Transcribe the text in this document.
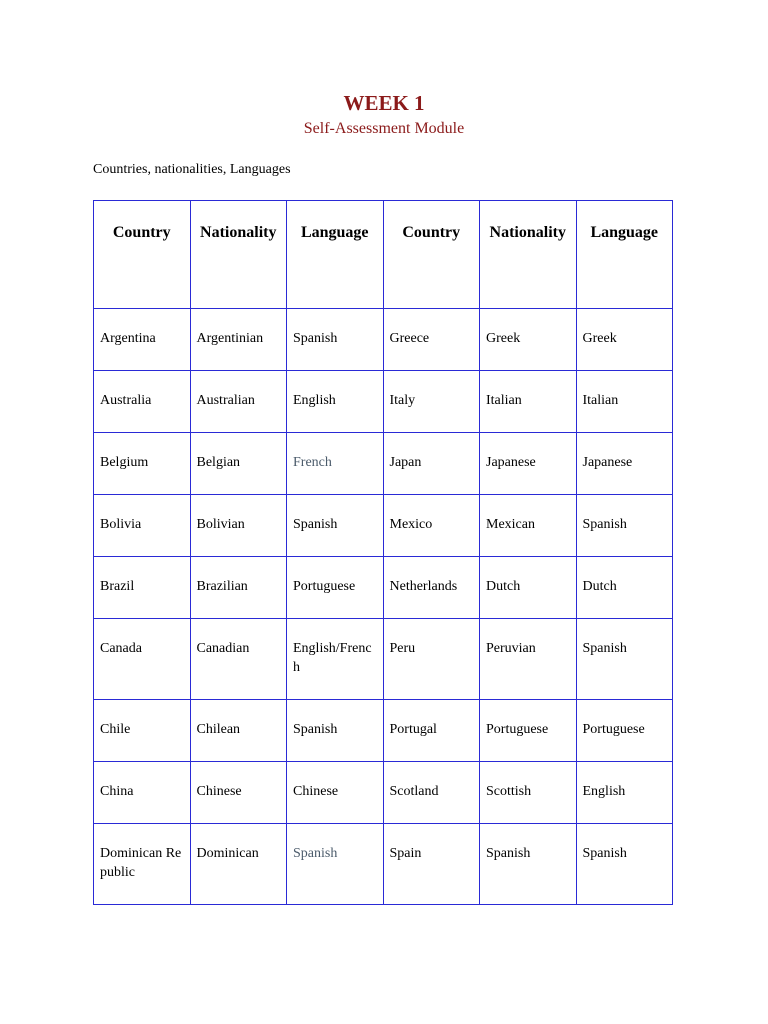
WEEK 1
Self-Assessment Module
Countries, nationalities, Languages
Country	Nationality	Language	Country	Nationality	Language
Argentina	Argentinian	Spanish	Greece	Greek	Greek
Australia	Australian	English	Italy	Italian	Italian
Belgium	Belgian	French	Japan	Japanese	Japanese
Bolivia	Bolivian	Spanish	Mexico	Mexican	Spanish
Brazil	Brazilian	Portuguese	Netherlands	Dutch	Dutch
Canada	Canadian	English/French	Peru	Peruvian	Spanish
Chile	Chilean	Spanish	Portugal	Portuguese	Portuguese
China	Chinese	Chinese	Scotland	Scottish	English
Dominican Republic	Dominican	Spanish	Spain	Spanish	Spanish
